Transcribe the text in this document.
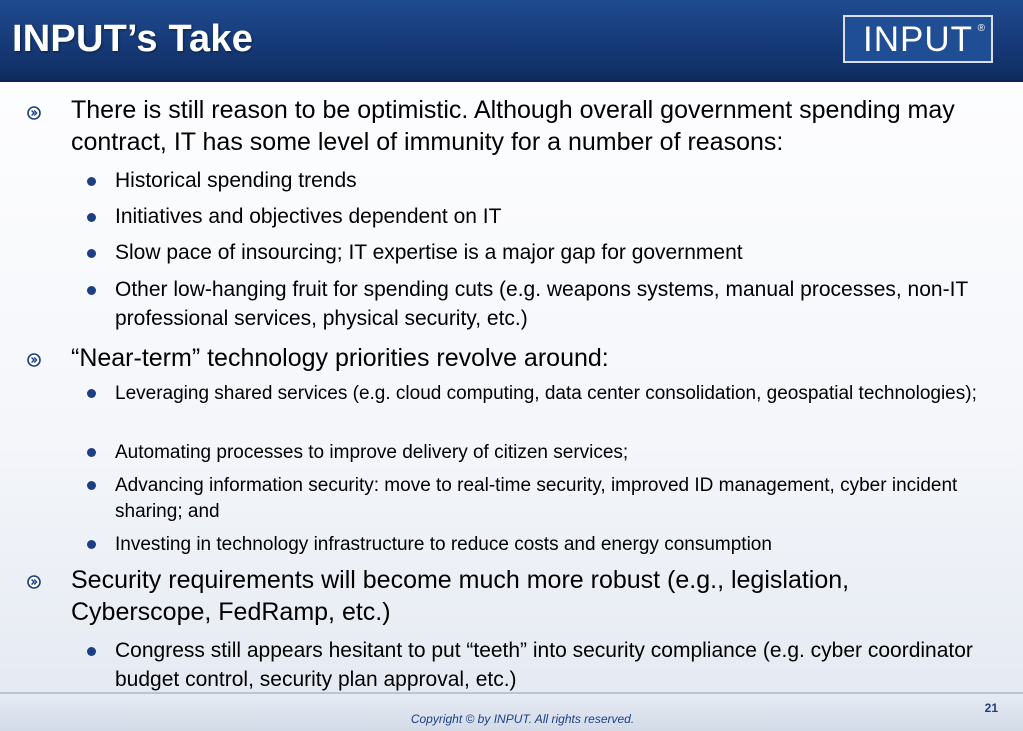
INPUT’s Take	INPUT ®
There is still reason to be optimistic. Although overall government spending may contract, IT has some level of immunity for a number of reasons:
Historical spending trends
Initiatives and objectives dependent on IT
Slow pace of insourcing; IT expertise is a major gap for government
Other low-hanging fruit for spending cuts (e.g. weapons systems, manual processes, non-IT professional services, physical security, etc.)
“Near-term” technology priorities revolve around:
Leveraging shared services (e.g. cloud computing, data center consolidation, geospatial technologies);
Automating processes to improve delivery of citizen services;
Advancing information security: move to real-time security, improved ID management, cyber incident sharing; and
Investing in technology infrastructure to reduce costs and energy consumption
Security requirements will become much more robust (e.g., legislation, Cyberscope, FedRamp, etc.)
Congress still appears hesitant to put “teeth” into security compliance (e.g. cyber coordinator budget control, security plan approval, etc.)
Copyright © by INPUT. All rights reserved.
21
